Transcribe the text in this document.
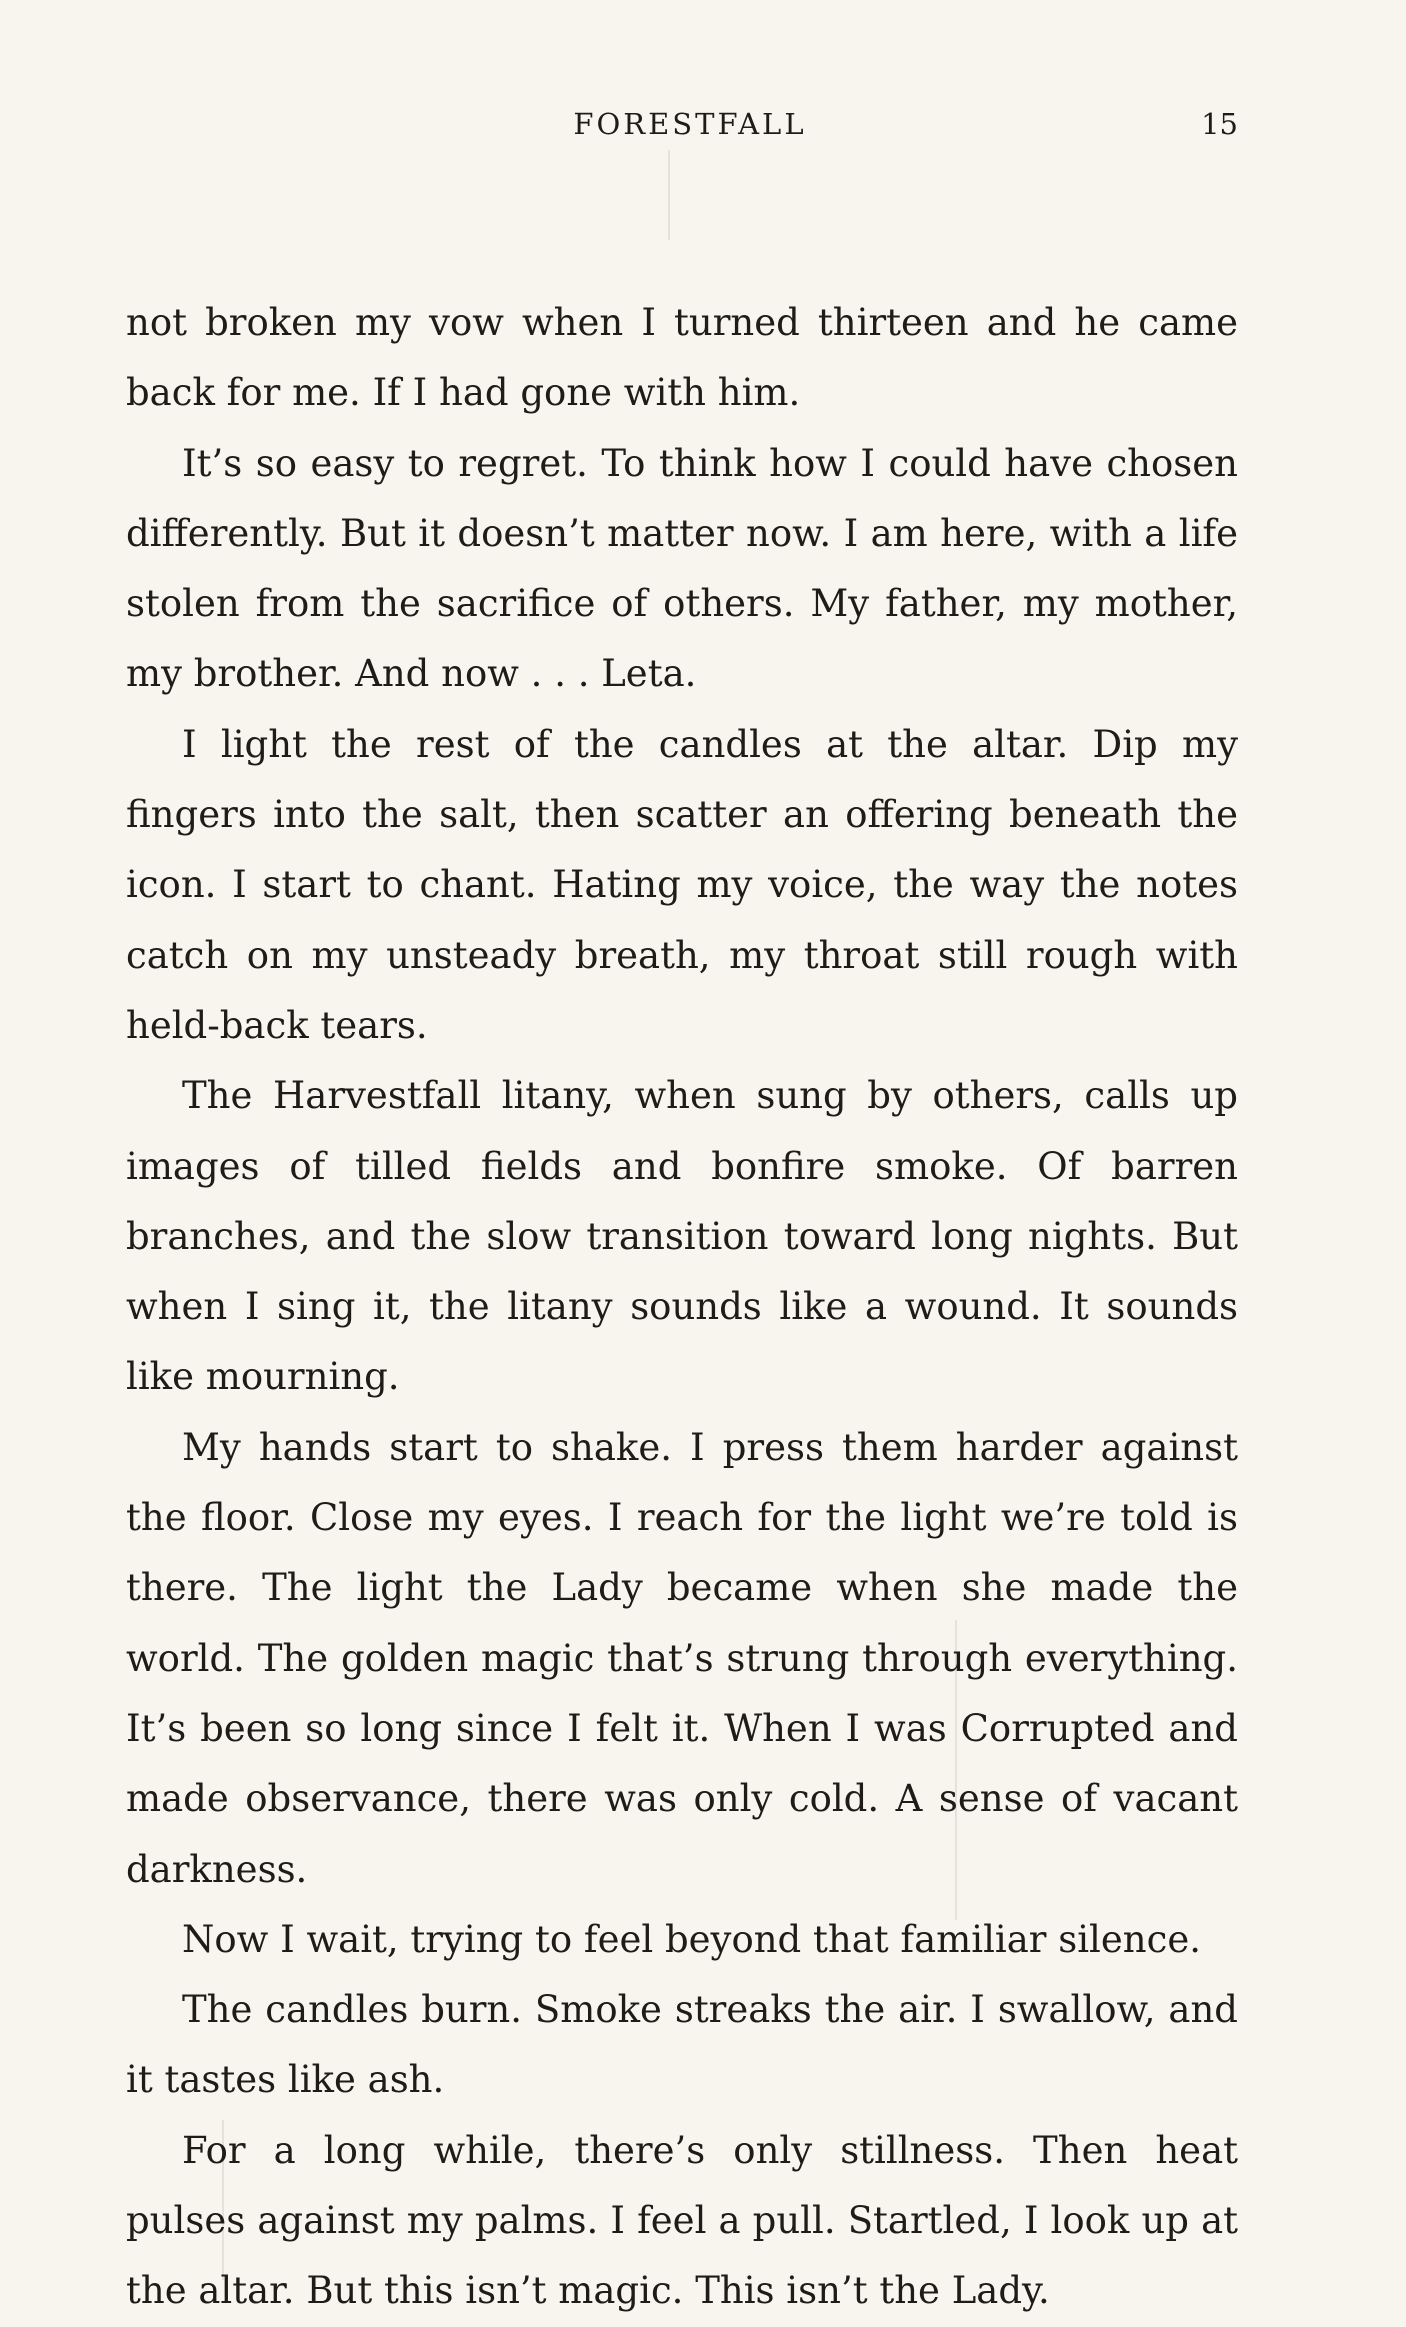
FORESTFALL	15

not broken my vow when I turned thirteen and he came back for me. If I had gone with him.

It’s so easy to regret. To think how I could have chosen differently. But it doesn’t matter now. I am here, with a life stolen from the sacrifice of others. My father, my mother, my brother. And now . . . Leta.

I light the rest of the candles at the altar. Dip my fingers into the salt, then scatter an offering beneath the icon. I start to chant. Hating my voice, the way the notes catch on my unsteady breath, my throat still rough with held-back tears.

The Harvestfall litany, when sung by others, calls up images of tilled fields and bonfire smoke. Of barren branches, and the slow transition toward long nights. But when I sing it, the litany sounds like a wound. It sounds like mourning.

My hands start to shake. I press them harder against the floor. Close my eyes. I reach for the light we’re told is there. The light the Lady became when she made the world. The golden magic that’s strung through everything. It’s been so long since I felt it. When I was Corrupted and made observance, there was only cold. A sense of vacant darkness.

Now I wait, trying to feel beyond that familiar silence.

The candles burn. Smoke streaks the air. I swallow, and it tastes like ash.

For a long while, there’s only stillness. Then heat pulses against my palms. I feel a pull. Startled, I look up at the altar. But this isn’t magic. This isn’t the Lady.
